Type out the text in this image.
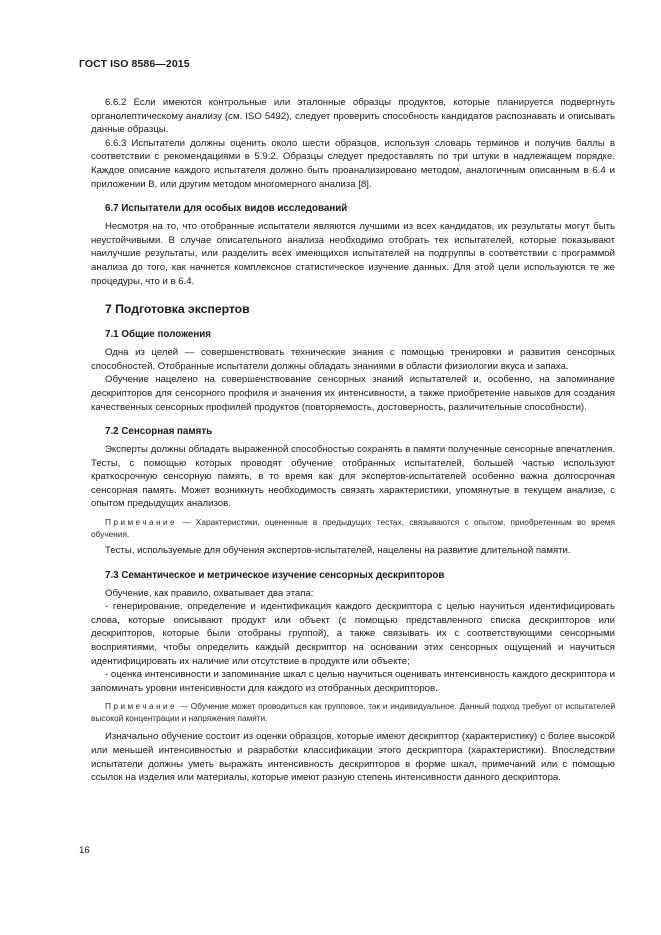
ГОСТ ISO 8586—2015

6.6.2 Если имеются контрольные или эталонные образцы продуктов, которые планируется подвергнуть органолептическому анализу (см. ISO 5492), следует проверить способность кандидатов распознавать и описывать данные образцы.

6.6.3 Испытатели должны оценить около шести образцов, используя словарь терминов и получив баллы в соответствии с рекомендациями в 5.9.2. Образцы следует предоставлять по три штуки в надлежащем порядке. Каждое описание каждого испытателя должно быть проанализировано методом, аналогичным описанным в 6.4 и приложении В, или другим методом многомерного анализа [8].

6.7 Испытатели для особых видов исследований

Несмотря на то, что отобранные испытатели являются лучшими из всех кандидатов, их результаты могут быть неустойчивыми. В случае описательного анализа необходимо отобрать тех испытателей, которые показывают наилучшие результаты, или разделить всех имеющихся испытателей на подгруппы в соответствии с программой анализа до того, как начнется комплексное статистическое изучение данных. Для этой цели используются те же процедуры, что и в 6.4.

7 Подготовка экспертов
7.1 Общие положения

Одна из целей — совершенствовать технические знания с помощью тренировки и развития сенсорных способностей. Отобранные испытатели должны обладать знаниями в области физиологии вкуса и запаха.

Обучение нацелено на совершенствование сенсорных знаний испытателей и, особенно, на запоминание дескрипторов для сенсорного профиля и значения их интенсивности, а также приобретение навыков для создания качественных сенсорных профилей продуктов (повторяемость, достоверность, различительные способности).

7.2 Сенсорная память

Эксперты должны обладать выраженной способностью сохранять в памяти полученные сенсорные впечатления. Тесты, с помощью которых проводят обучение отобранных испытателей, большей частью используют краткосрочную сенсорную память, в то время как для экспертов-испытателей особенно важна долгосрочная сенсорная память. Может возникнуть необходимость связать характеристики, упомянутые в текущем анализе, с опытом предыдущих анализов.

Примечание — Характеристики, оцененные в предыдущих тестах, связываются с опытом, приобретенным во время обучения.

Тесты, используемые для обучения экспертов-испытателей, нацелены на развитие длительной памяти.

7.3 Семантическое и метрическое изучение сенсорных дескрипторов

Обучение, как правило, охватывает два этапа:

- генерирование, определение и идентификация каждого дескриптора с целью научиться идентифицировать слова, которые описывают продукт или объект (с помощью представленного списка дескрипторов или дескрипторов, которые были отобраны группой), а также связывать их с соответствующими сенсорными восприятиями, чтобы определить каждый дескриптор на основании этих сенсорных ощущений и научиться идентифицировать их наличие или отсутствие в продукте или объекте;

- оценка интенсивности и запоминание шкал с целью научиться оценивать интенсивность каждого дескриптора и запоминать уровни интенсивности для каждого из отобранных дескрипторов.

Примечание — Обучение может проводиться как групповое, так и индивидуальное. Данный подход требует от испытателей высокой концентрации и напряжения памяти.

Изначально обучение состоит из оценки образцов, которые имеют дескриптор (характеристику) с более высокой или меньшей интенсивностью и разработки классификации этого дескриптора (характеристики). Впоследствии испытатели должны уметь выражать интенсивность дескрипторов в форме шкал, примечаний или с помощью ссылок на изделия или материалы, которые имеют разную степень интенсивности данного дескриптора.

16
